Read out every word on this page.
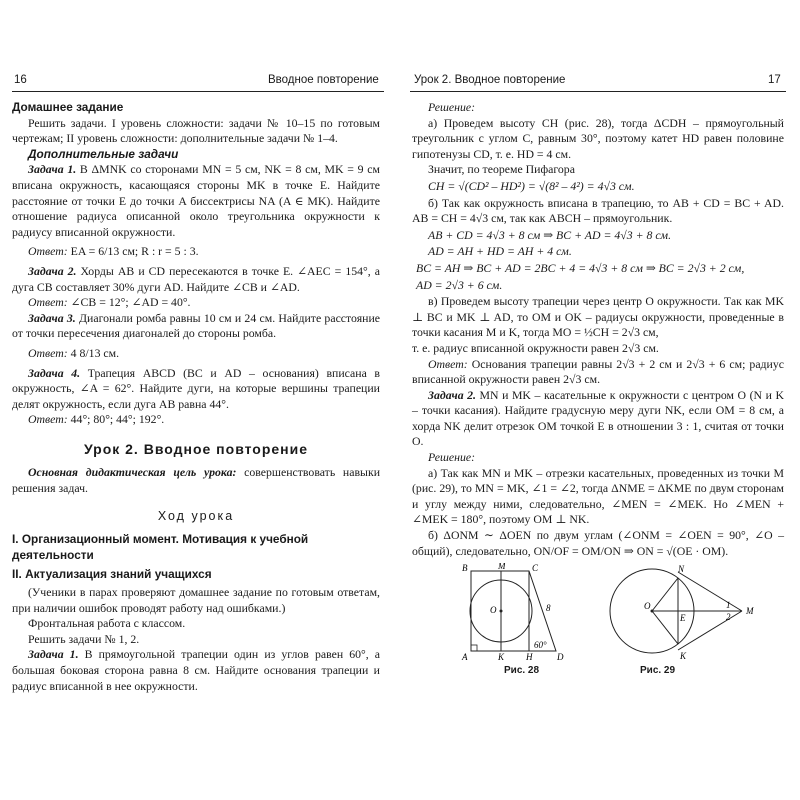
16	Вводное повторение	Урок 2. Вводное повторение	17

Домашнее задание

Решить задачи. I уровень сложности: задачи № 10–15 по готовым чертежам; II уровень сложности: дополнительные задачи № 1–4.

Дополнительные задачи

Задача 1. В ΔMNK со сторонами MN = 5 см, NK = 8 см, MK = 9 см вписана окружность, касающаяся стороны MK в точке E. Найдите расстояние от точки E до точки A биссектрисы NA (A ∈ MK). Найдите отношение радиуса описанной около треугольника окружности к радиусу вписанной окружности.

Ответ: EA = 6/13 см; R : r = 5 : 3.

Задача 2. Хорды AB и CD пересекаются в точке E. ∠AEC = 154°, а дуга CB составляет 30% дуги AD. Найдите ∠CB и ∠AD.

Ответ: ∠CB = 12°; ∠AD = 40°.

Задача 3. Диагонали ромба равны 10 см и 24 см. Найдите расстояние от точки пересечения диагоналей до стороны ромба.

Ответ: 4 8/13 см.

Задача 4. Трапеция ABCD (BC и AD – основания) вписана в окружность, ∠A = 62°. Найдите дуги, на которые вершины трапеции делят окружность, если дуга AB равна 44°.

Ответ: 44°; 80°; 44°; 192°.

Урок 2. Вводное повторение

Основная дидактическая цель урока: совершенствовать навыки решения задач.

Ход урока

I. Организационный момент. Мотивация к учебной деятельности

II. Актуализация знаний учащихся

(Ученики в парах проверяют домашнее задание по готовым ответам, при наличии ошибок проводят работу над ошибками.)

Фронтальная работа с классом.

Решить задачи № 1, 2.

Задача 1. В прямоугольной трапеции один из углов равен 60°, а большая боковая сторона равна 8 см. Найдите основания трапеции и радиус вписанной в нее окружности.

Решение:

а) Проведем высоту CH (рис. 28), тогда ΔCDH – прямоугольный треугольник с углом C, равным 30°, поэтому катет HD равен половине гипотенузы CD, т. е. HD = 4 см.

Значит, по теореме Пифагора

CH = √(CD² – HD²) = √(8² – 4²) = 4√3 см.

б) Так как окружность вписана в трапецию, то AB + CD = BC + AD. AB = CH = 4√3 см, так как ABCH – прямоугольник.

AB + CD = 4√3 + 8 см ⇒ BC + AD = 4√3 + 8 см.

AD = AH + HD = AH + 4 см.

BC = AH ⇒ BC + AD = 2BC + 4 = 4√3 + 8 см ⇒ BC = 2√3 + 2 см,

AD = 2√3 + 6 см.

в) Проведем высоту трапеции через центр O окружности. Так как MK ⊥ BC и MK ⊥ AD, то OM и OK – радиусы окружности, проведенные в точки касания M и K, тогда MO = ½CH = 2√3 см,

т. е. радиус вписанной окружности равен 2√3 см.

Ответ: Основания трапеции равны 2√3 + 2 см и 2√3 + 6 см; радиус вписанной окружности равен 2√3 см.

Задача 2. MN и MK – касательные к окружности с центром O (N и K – точки касания). Найдите градусную меру дуги NK, если OM = 8 см, а хорда NK делит отрезок OM точкой E в отношении 3 : 1, считая от точки O.

Решение:

а) Так как MN и MK – отрезки касательных, проведенных из точки M (рис. 29), то MN = MK, ∠1 = ∠2, тогда ΔNME = ΔKME по двум сторонам и углу между ними, следовательно, ∠MEN = ∠MEK. Но ∠MEN + ∠MEK = 180°, поэтому OM ⊥ NK.

б) ΔONM ∼ ΔOEN по двум углам (∠ONM = ∠OEN = 90°, ∠O – общий), следовательно, ON/OF = OM/ON ⇒ ON = √(OE · OM).

B	M	C
O	8
A	K H
60°
D
Рис. 28
N
O
E
1
2
M
K
Рис. 29
